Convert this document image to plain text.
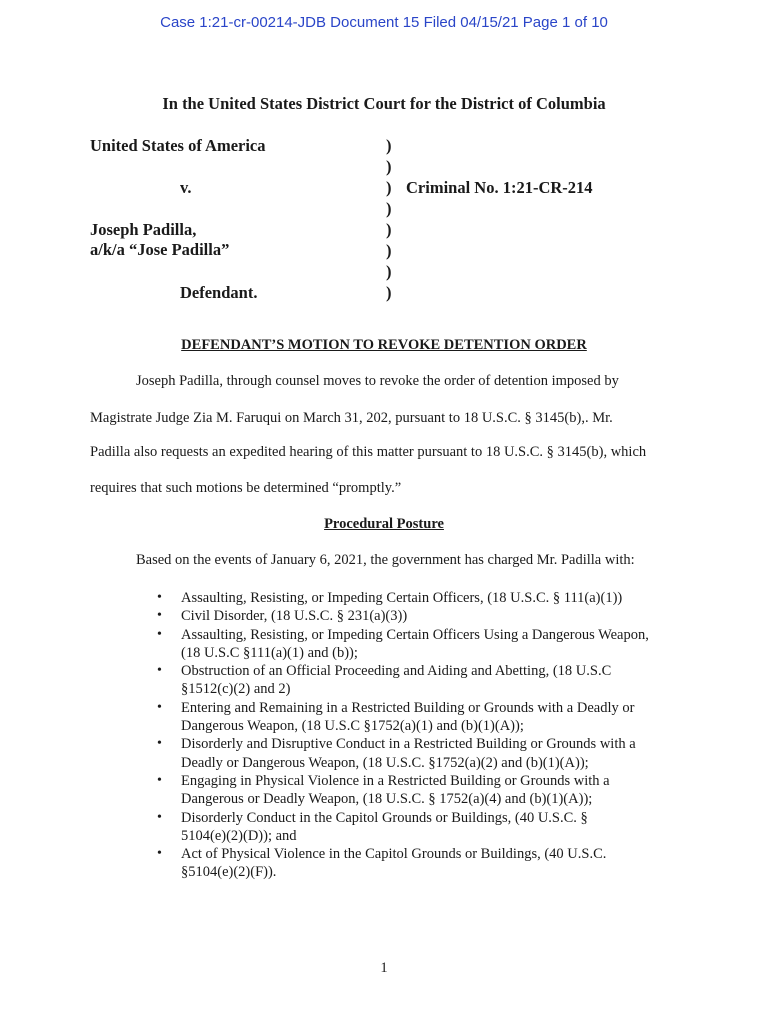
Case 1:21-cr-00214-JDB Document 15 Filed 04/15/21 Page 1 of 10
In the United States District Court for the District of Columbia
United States of America
v.
Joseph Padilla,
a/k/a “Jose Padilla”
Defendant.
)
)
)
)
)
)
)
)
Criminal No. 1:21-CR-214
DEFENDANT’S MOTION TO REVOKE DETENTION ORDER
Joseph Padilla, through counsel moves to revoke the order of detention imposed by
Magistrate Judge Zia M. Faruqui on March 31, 202, pursuant to 18 U.S.C. § 3145(b),. Mr.
Padilla also requests an expedited hearing of this matter pursuant to 18 U.S.C. § 3145(b), which
requires that such motions be determined “promptly.”
Procedural Posture
Based on the events of January 6, 2021, the government has charged Mr. Padilla with:
• Assaulting, Resisting, or Impeding Certain Officers, (18 U.S.C. § 111(a)(1))
• Civil Disorder, (18 U.S.C. § 231(a)(3))
• Assaulting, Resisting, or Impeding Certain Officers Using a Dangerous Weapon,
(18 U.S.C §111(a)(1) and (b));
• Obstruction of an Official Proceeding and Aiding and Abetting, (18 U.S.C
§1512(c)(2) and 2)
• Entering and Remaining in a Restricted Building or Grounds with a Deadly or
Dangerous Weapon, (18 U.S.C §1752(a)(1) and (b)(1)(A));
• Disorderly and Disruptive Conduct in a Restricted Building or Grounds with a
Deadly or Dangerous Weapon, (18 U.S.C. §1752(a)(2) and (b)(1)(A));
• Engaging in Physical Violence in a Restricted Building or Grounds with a
Dangerous or Deadly Weapon, (18 U.S.C. § 1752(a)(4) and (b)(1)(A));
• Disorderly Conduct in the Capitol Grounds or Buildings, (40 U.S.C. §
5104(e)(2)(D)); and
• Act of Physical Violence in the Capitol Grounds or Buildings, (40 U.S.C.
§5104(e)(2)(F)).
1
